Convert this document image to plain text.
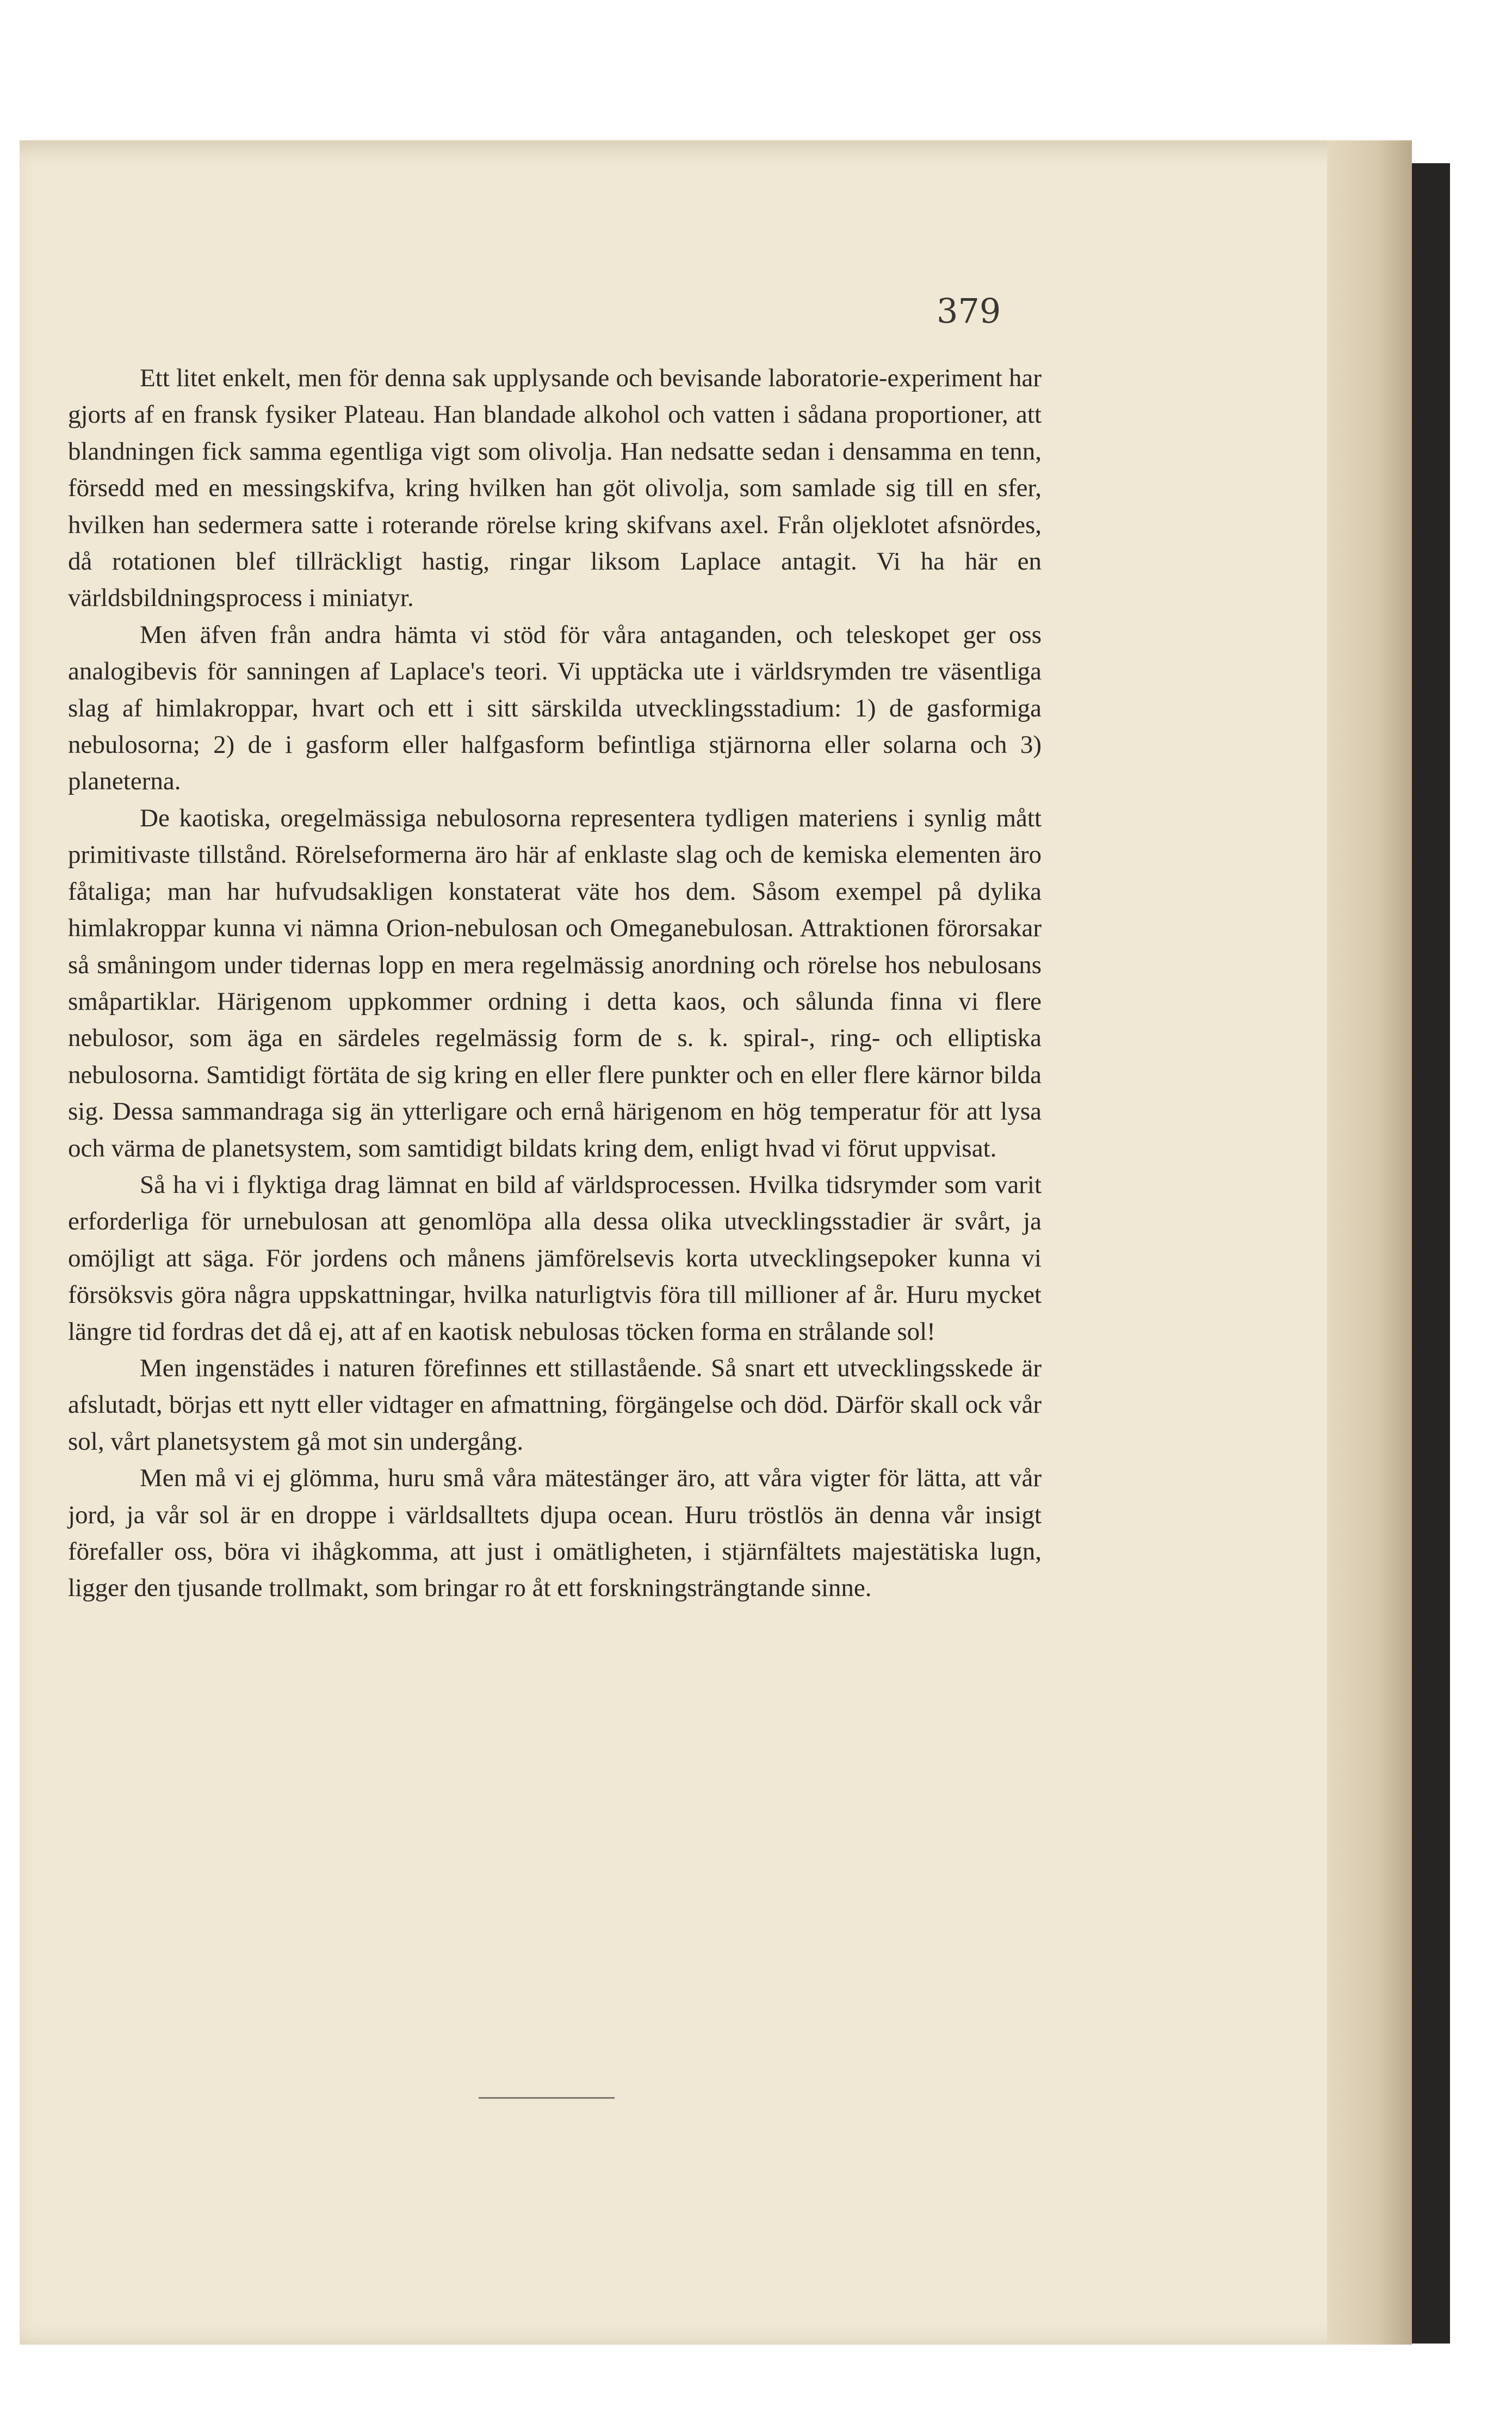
379

Ett litet enkelt, men för denna sak upplysande och bevisande laboratorie-experiment har gjorts af en fransk fysiker Plateau. Han blandade alkohol och vatten i sådana proportioner, att blandningen fick samma egentliga vigt som olivolja. Han nedsatte sedan i densamma en tenn, försedd med en messingskifva, kring hvilken han göt olivolja, som samlade sig till en sfer, hvilken han sedermera satte i roterande rörelse kring skifvans axel. Från oljeklotet afsnördes, då rotationen blef tillräckligt hastig, ringar liksom Laplace antagit. Vi ha här en världsbildningsprocess i miniatyr.

Men äfven från andra hämta vi stöd för våra antaganden, och teleskopet ger oss analogibevis för sanningen af Laplace's teori. Vi upptäcka ute i världsrymden tre väsentliga slag af himlakroppar, hvart och ett i sitt särskilda utvecklingsstadium: 1) de gasformiga nebulosorna; 2) de i gasform eller halfgasform befintliga stjärnorna eller solarna och 3) planeterna.

De kaotiska, oregelmässiga nebulosorna representera tydligen materiens i synlig mått primitivaste tillstånd. Rörelseformerna äro här af enklaste slag och de kemiska elementen äro fåtaliga; man har hufvudsakligen konstaterat väte hos dem. Såsom exempel på dylika himlakroppar kunna vi nämna Orion-nebulosan och Omeganebulosan. Attraktionen förorsakar så småningom under tidernas lopp en mera regelmässig anordning och rörelse hos nebulosans småpartiklar. Härigenom uppkommer ordning i detta kaos, och sålunda finna vi flere nebulosor, som äga en särdeles regelmässig form de s. k. spiral-, ring- och elliptiska nebulosorna. Samtidigt förtäta de sig kring en eller flere punkter och en eller flere kärnor bilda sig. Dessa sammandraga sig än ytterligare och ernå härigenom en hög temperatur för att lysa och värma de planetsystem, som samtidigt bildats kring dem, enligt hvad vi förut uppvisat.

Så ha vi i flyktiga drag lämnat en bild af världsprocessen. Hvilka tidsrymder som varit erforderliga för urnebulosan att genomlöpa alla dessa olika utvecklingsstadier är svårt, ja omöjligt att säga. För jordens och månens jämförelsevis korta utvecklingsepoker kunna vi försöksvis göra några uppskattningar, hvilka naturligtvis föra till millioner af år. Huru mycket längre tid fordras det då ej, att af en kaotisk nebulosas töcken forma en strålande sol!

Men ingenstädes i naturen förefinnes ett stillastående. Så snart ett utvecklingsskede är afslutadt, börjas ett nytt eller vidtager en afmattning, förgängelse och död. Därför skall ock vår sol, vårt planetsystem gå mot sin undergång.

Men må vi ej glömma, huru små våra mätestänger äro, att våra vigter för lätta, att vår jord, ja vår sol är en droppe i världsalltets djupa ocean. Huru tröstlös än denna vår insigt förefaller oss, böra vi ihågkomma, att just i omätligheten, i stjärnfältets majestätiska lugn, ligger den tjusande trollmakt, som bringar ro åt ett forskningsträngtande sinne.
